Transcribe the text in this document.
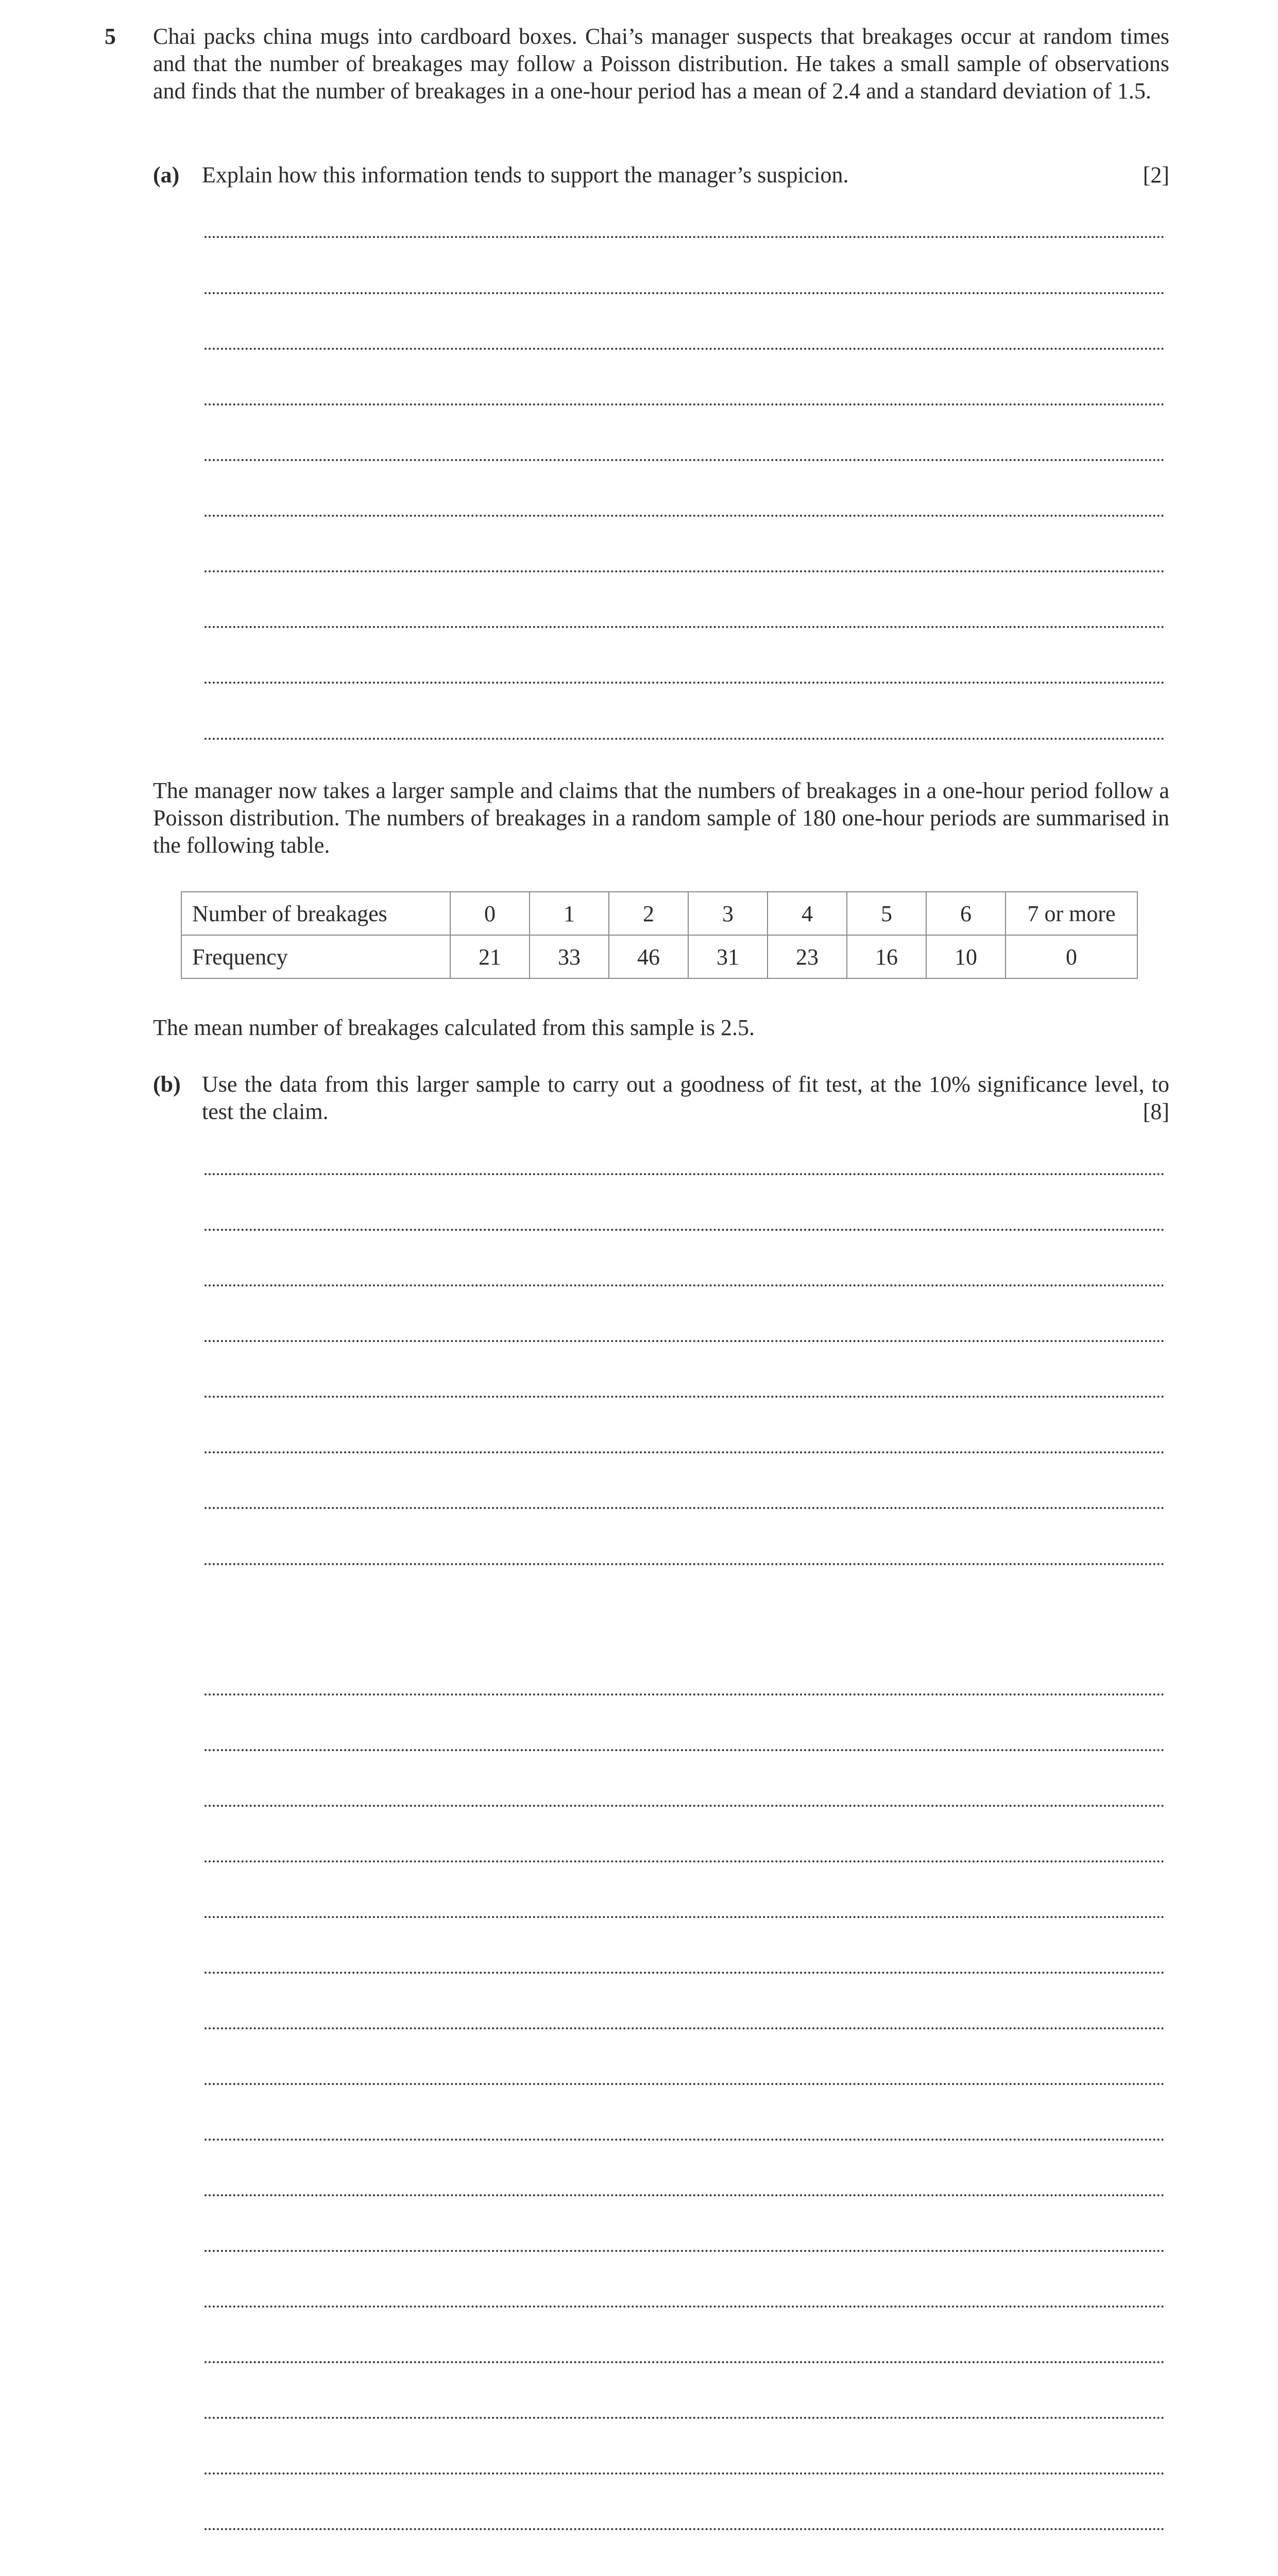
5 Chai packs china mugs into cardboard boxes. Chai’s manager suspects that breakages occur at random times and that the number of breakages may follow a Poisson distribution. He takes a small sample of observations and finds that the number of breakages in a one-hour period has a mean of 2.4 and a standard deviation of 1.5.
(a) Explain how this information tends to support the manager’s suspicion.	[2]
The manager now takes a larger sample and claims that the numbers of breakages in a one-hour period follow a Poisson distribution. The numbers of breakages in a random sample of 180 one-hour periods are summarised in the following table.
Number of breakages	0	1	2	3	4	5	6	7 or more
Frequency	21	33	46	31	23	16	10	0
The mean number of breakages calculated from this sample is 2.5.
(b) Use the data from this larger sample to carry out a goodness of fit test, at the 10% significance level, to test the claim.	[8]
